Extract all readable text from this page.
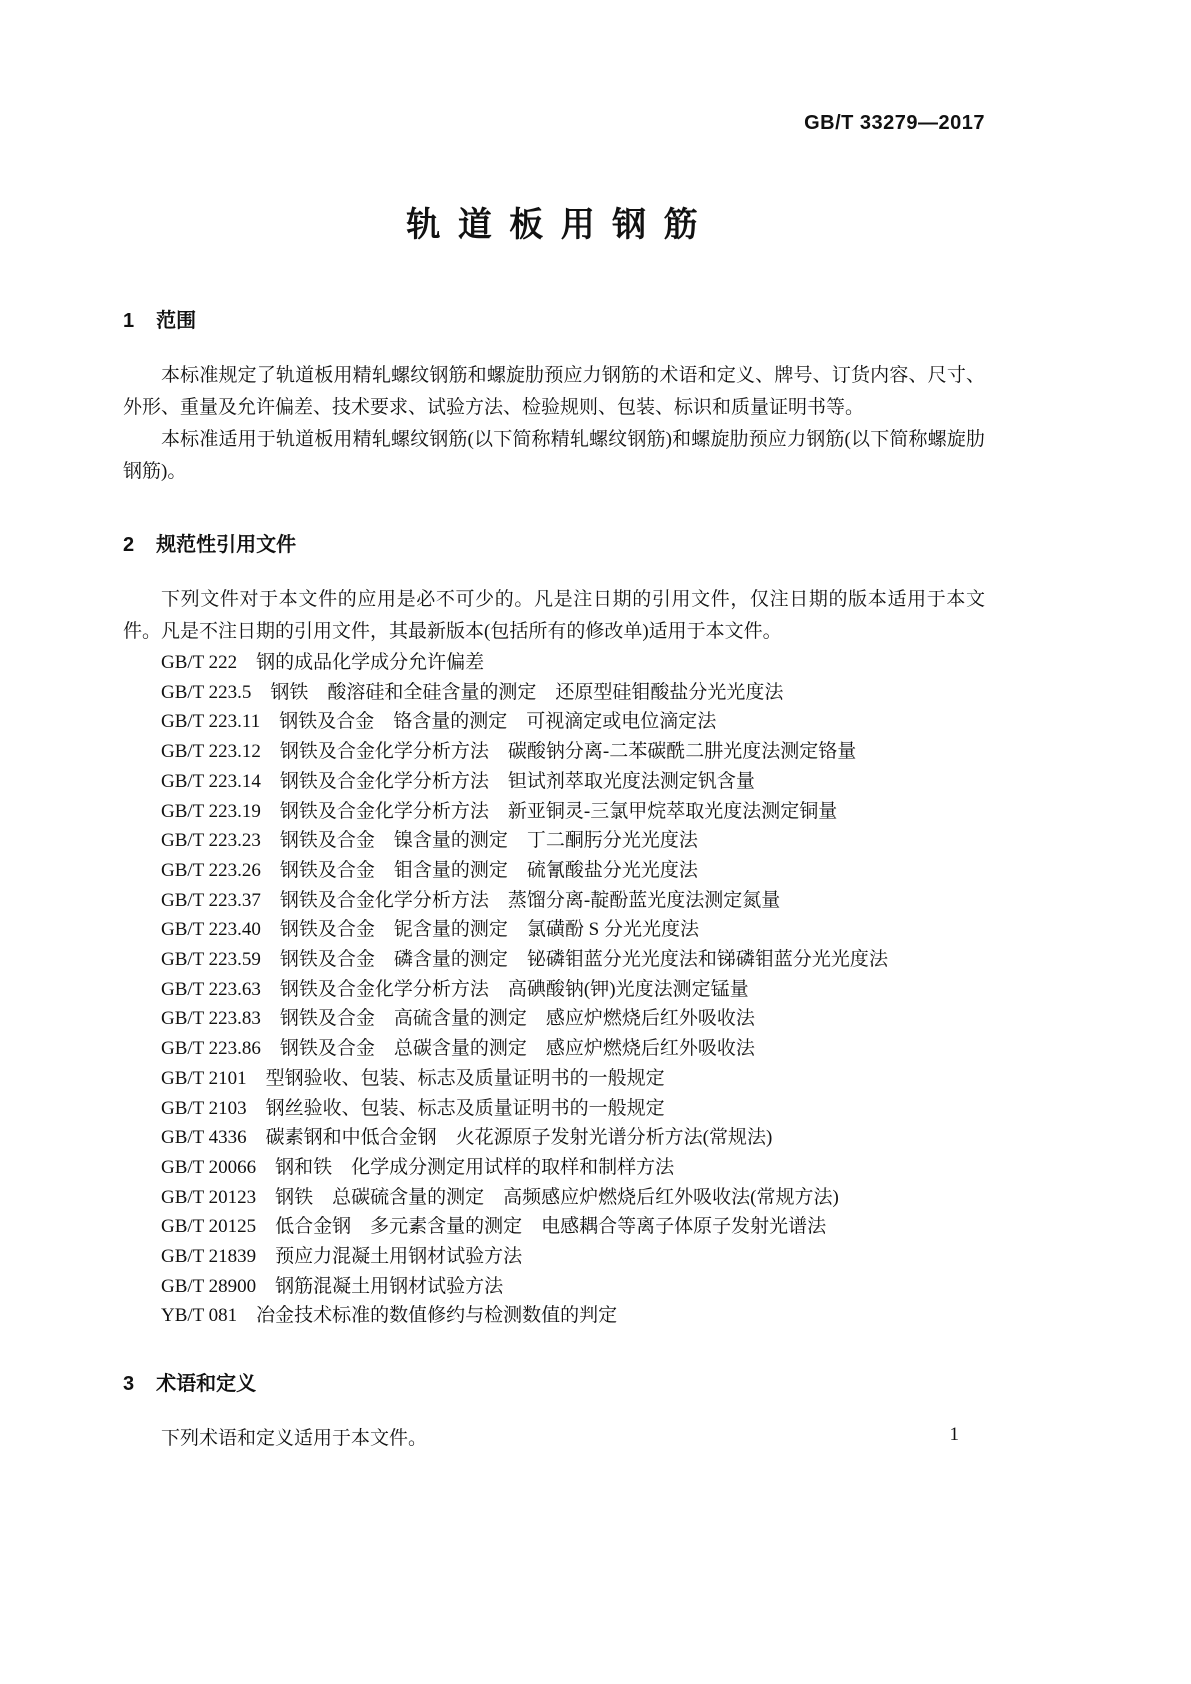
GB/T 33279—2017
轨 道 板 用 钢 筋
1 范围

本标准规定了轨道板用精轧螺纹钢筋和螺旋肋预应力钢筋的术语和定义、牌号、订货内容、尺寸、外形、重量及允许偏差、技术要求、试验方法、检验规则、包装、标识和质量证明书等。

本标准适用于轨道板用精轧螺纹钢筋(以下简称精轧螺纹钢筋)和螺旋肋预应力钢筋(以下简称螺旋肋钢筋)。

2 规范性引用文件

下列文件对于本文件的应用是必不可少的。凡是注日期的引用文件，仅注日期的版本适用于本文件。凡是不注日期的引用文件，其最新版本(包括所有的修改单)适用于本文件。

GB/T 222　钢的成品化学成分允许偏差
GB/T 223.5　钢铁　酸溶硅和全硅含量的测定　还原型硅钼酸盐分光光度法
GB/T 223.11　钢铁及合金　铬含量的测定　可视滴定或电位滴定法
GB/T 223.12　钢铁及合金化学分析方法　碳酸钠分离-二苯碳酰二肼光度法测定铬量
GB/T 223.14　钢铁及合金化学分析方法　钽试剂萃取光度法测定钒含量
GB/T 223.19　钢铁及合金化学分析方法　新亚铜灵-三氯甲烷萃取光度法测定铜量
GB/T 223.23　钢铁及合金　镍含量的测定　丁二酮肟分光光度法
GB/T 223.26　钢铁及合金　钼含量的测定　硫氰酸盐分光光度法
GB/T 223.37　钢铁及合金化学分析方法　蒸馏分离-靛酚蓝光度法测定氮量
GB/T 223.40　钢铁及合金　铌含量的测定　氯磺酚 S 分光光度法
GB/T 223.59　钢铁及合金　磷含量的测定　铋磷钼蓝分光光度法和锑磷钼蓝分光光度法
GB/T 223.63　钢铁及合金化学分析方法　高碘酸钠(钾)光度法测定锰量
GB/T 223.83　钢铁及合金　高硫含量的测定　感应炉燃烧后红外吸收法
GB/T 223.86　钢铁及合金　总碳含量的测定　感应炉燃烧后红外吸收法
GB/T 2101　型钢验收、包装、标志及质量证明书的一般规定
GB/T 2103　钢丝验收、包装、标志及质量证明书的一般规定
GB/T 4336　碳素钢和中低合金钢　火花源原子发射光谱分析方法(常规法)
GB/T 20066　钢和铁　化学成分测定用试样的取样和制样方法
GB/T 20123　钢铁　总碳硫含量的测定　高频感应炉燃烧后红外吸收法(常规方法)
GB/T 20125　低合金钢　多元素含量的测定　电感耦合等离子体原子发射光谱法
GB/T 21839　预应力混凝土用钢材试验方法
GB/T 28900　钢筋混凝土用钢材试验方法
YB/T 081　冶金技术标准的数值修约与检测数值的判定
3 术语和定义

下列术语和定义适用于本文件。	1
